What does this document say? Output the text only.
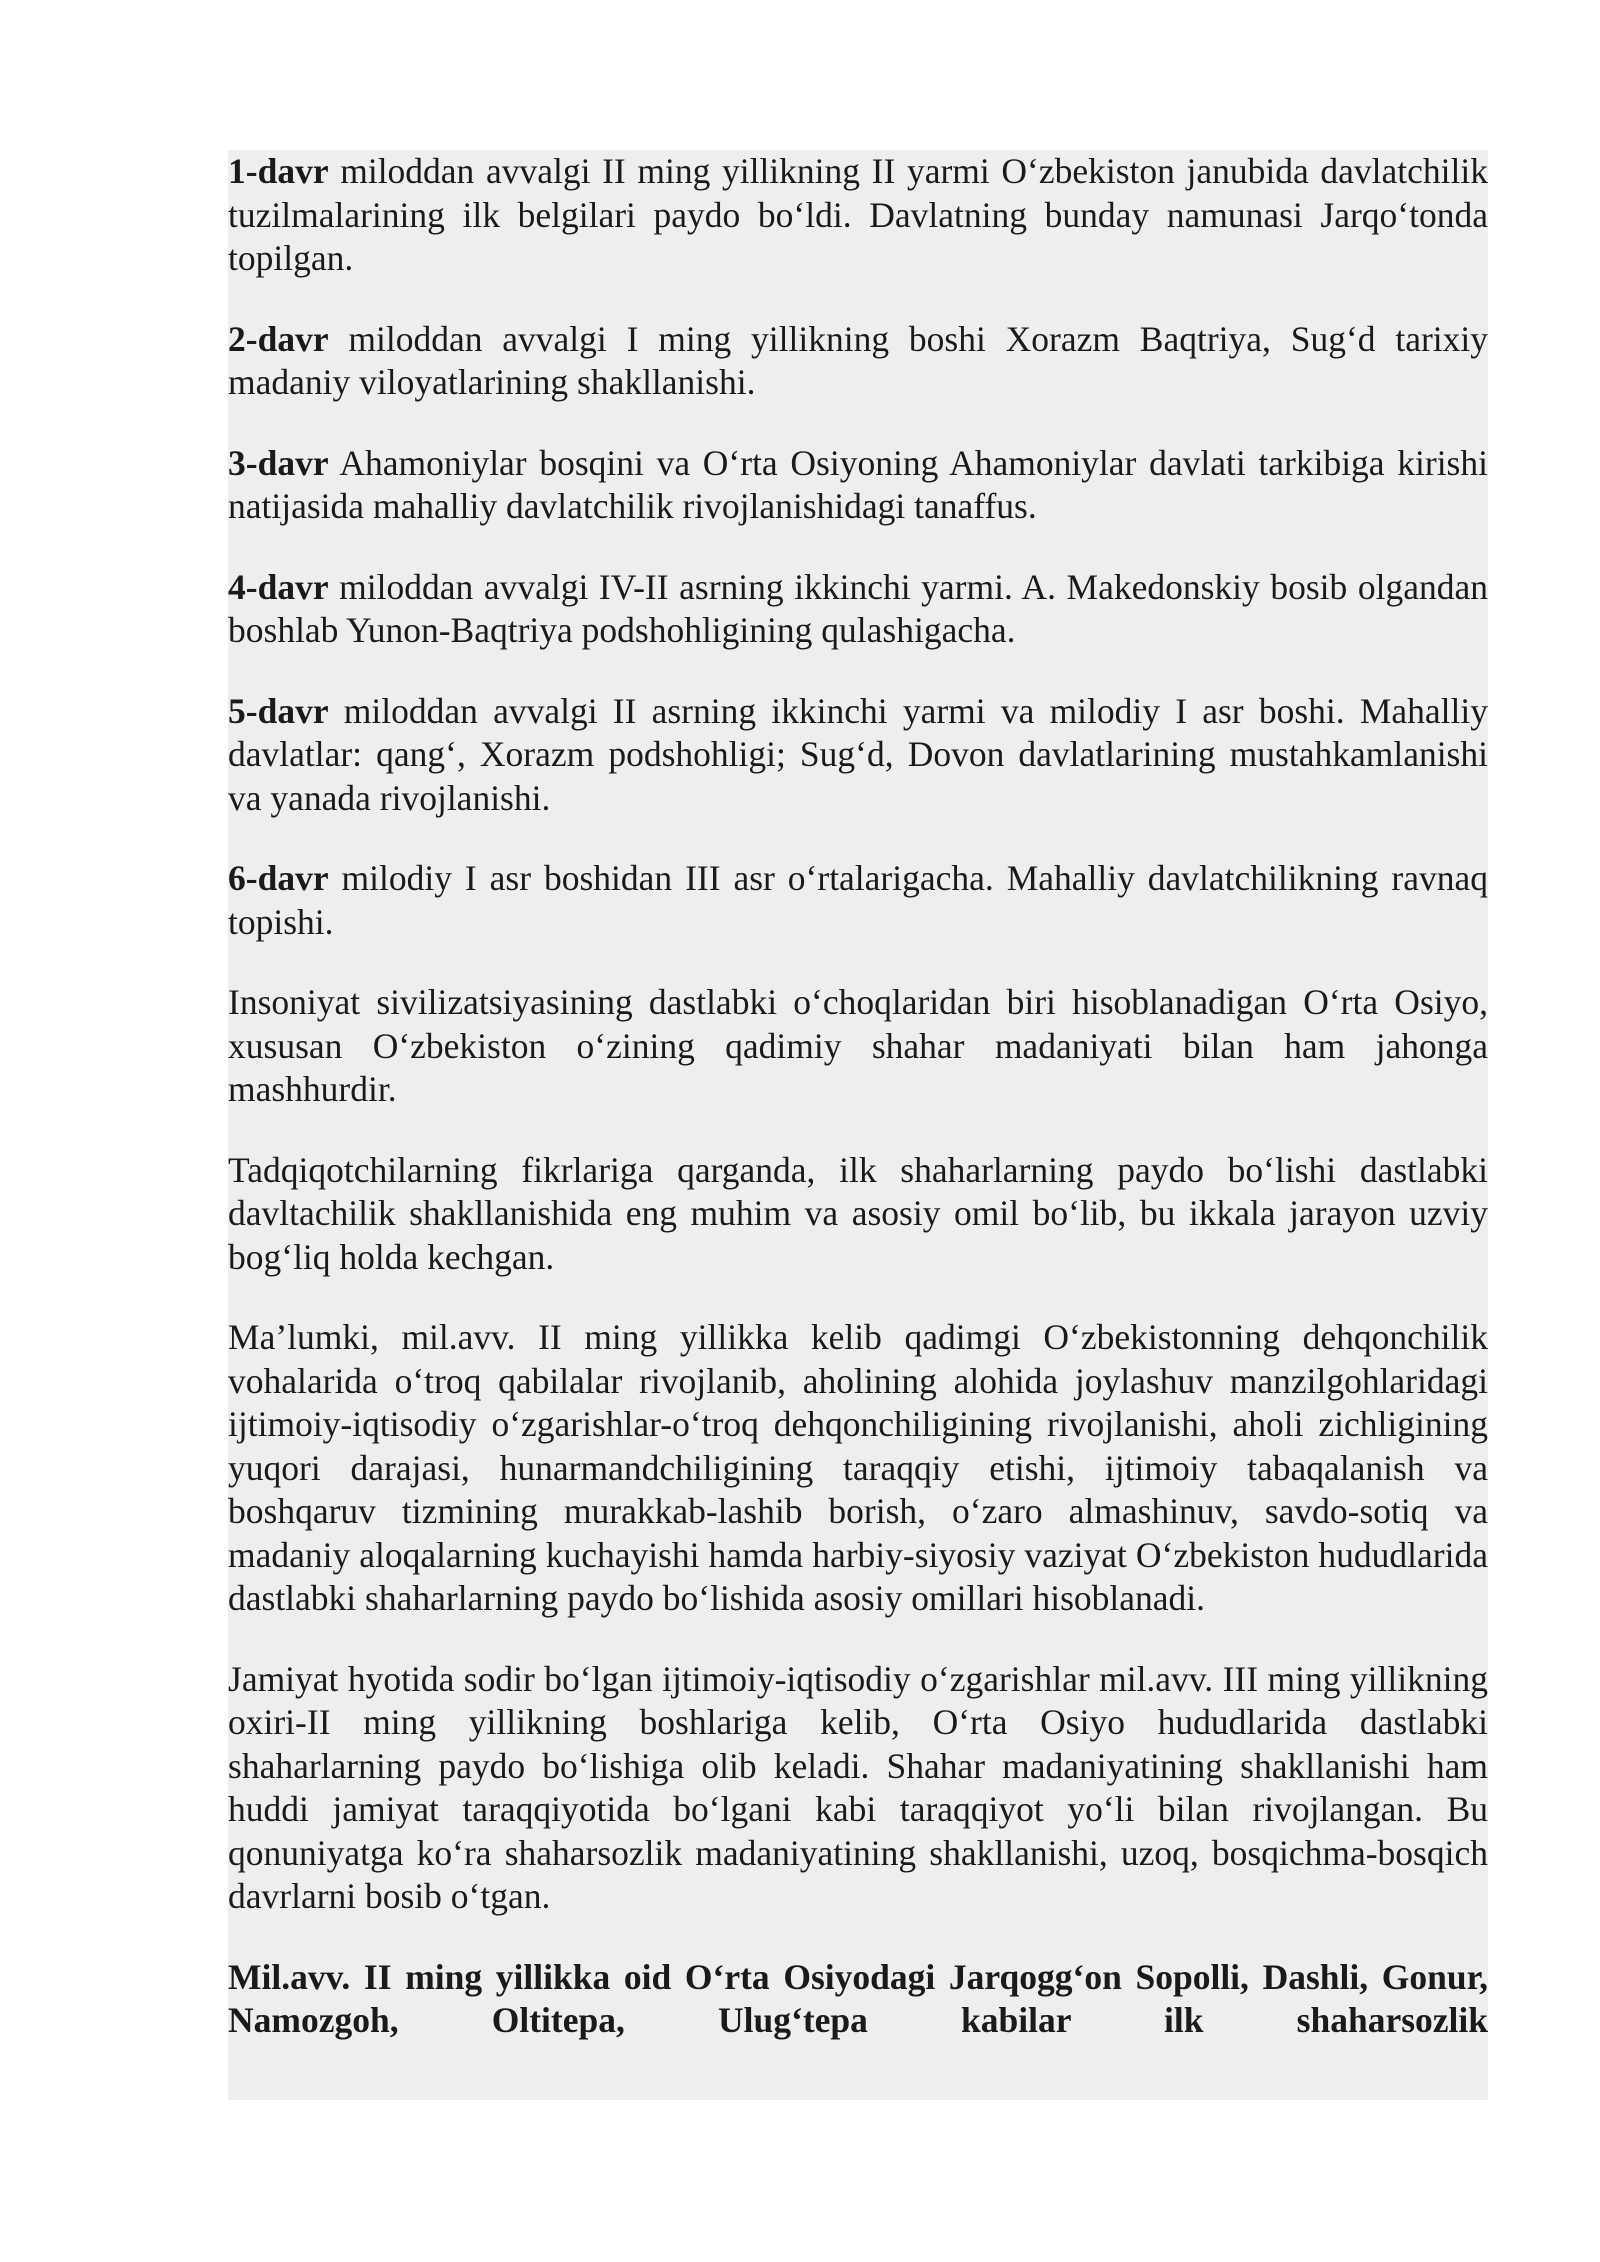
1-davr miloddan avvalgi II ming yillikning II yarmi O‘zbekiston janubida davlatchilik tuzilmalarining ilk belgilari paydo bo‘ldi. Davlatning bunday namunasi Jarqo‘tonda topilgan.

2-davr miloddan avvalgi I ming yillikning boshi Xorazm Baqtriya, Sug‘d tarixiy madaniy viloyatlarining shakllanishi.

3-davr Ahamoniylar bosqini va O‘rta Osiyoning Ahamoniylar davlati tarkibiga kirishi natijasida mahalliy davlatchilik rivojlanishidagi tanaffus.

4-davr miloddan avvalgi IV-II asrning ikkinchi yarmi. A. Makedonskiy bosib olgandan boshlab Yunon-Baqtriya podshohligining qulashigacha.

5-davr miloddan avvalgi II asrning ikkinchi yarmi va milodiy I asr boshi. Mahalliy davlatlar: qang‘, Xorazm podshohligi; Sug‘d, Dovon davlatlarining mustahkamlanishi va yanada rivojlanishi.

6-davr milodiy I asr boshidan III asr o‘rtalarigacha. Mahalliy davlatchilikning ravnaq topishi.

Insoniyat sivilizatsiyasining dastlabki o‘choqlaridan biri hisoblanadigan O‘rta Osiyo, xususan O‘zbekiston o‘zining qadimiy shahar madaniyati bilan ham jahonga mashhurdir.

Tadqiqotchilarning fikrlariga qarganda, ilk shaharlarning paydo bo‘lishi dastlabki davltachilik shakllanishida eng muhim va asosiy omil bo‘lib, bu ikkala jarayon uzviy bog‘liq holda kechgan.

Ma’lumki, mil.avv. II ming yillikka kelib qadimgi O‘zbekistonning dehqonchilik vohalarida o‘troq qabilalar rivojlanib, aholining alohida joylashuv manzilgohlaridagi ijtimoiy-iqtisodiy o‘zgarishlar-o‘troq dehqonchiligining rivojlanishi, aholi zichligining yuqori darajasi, hunarmandchiligining taraqqiy etishi, ijtimoiy tabaqalanish va boshqaruv tizmining murakkab-lashib borish, o‘zaro almashinuv, savdo-sotiq va madaniy aloqalarning kuchayishi hamda harbiy-siyosiy vaziyat O‘zbekiston hududlarida dastlabki shaharlarning paydo bo‘lishida asosiy omillari hisoblanadi.

Jamiyat hyotida sodir bo‘lgan ijtimoiy-iqtisodiy o‘zgarishlar mil.avv. III ming yillikning oxiri-II ming yillikning boshlariga kelib, O‘rta Osiyo hududlarida dastlabki shaharlarning paydo bo‘lishiga olib keladi. Shahar madaniyatining shakllanishi ham huddi jamiyat taraqqiyotida bo‘lgani kabi taraqqiyot yo‘li bilan rivojlangan. Bu qonuniyatga ko‘ra shaharsozlik madaniyatining shakllanishi, uzoq, bosqichma-bosqich davrlarni bosib o‘tgan.

Mil.avv. II ming yillikka oid O‘rta Osiyodagi Jarqogg‘on Sopolli, Dashli, Gonur, Namozgoh, Oltitepa, Ulug‘tepa kabilar ilk shaharsozlik
